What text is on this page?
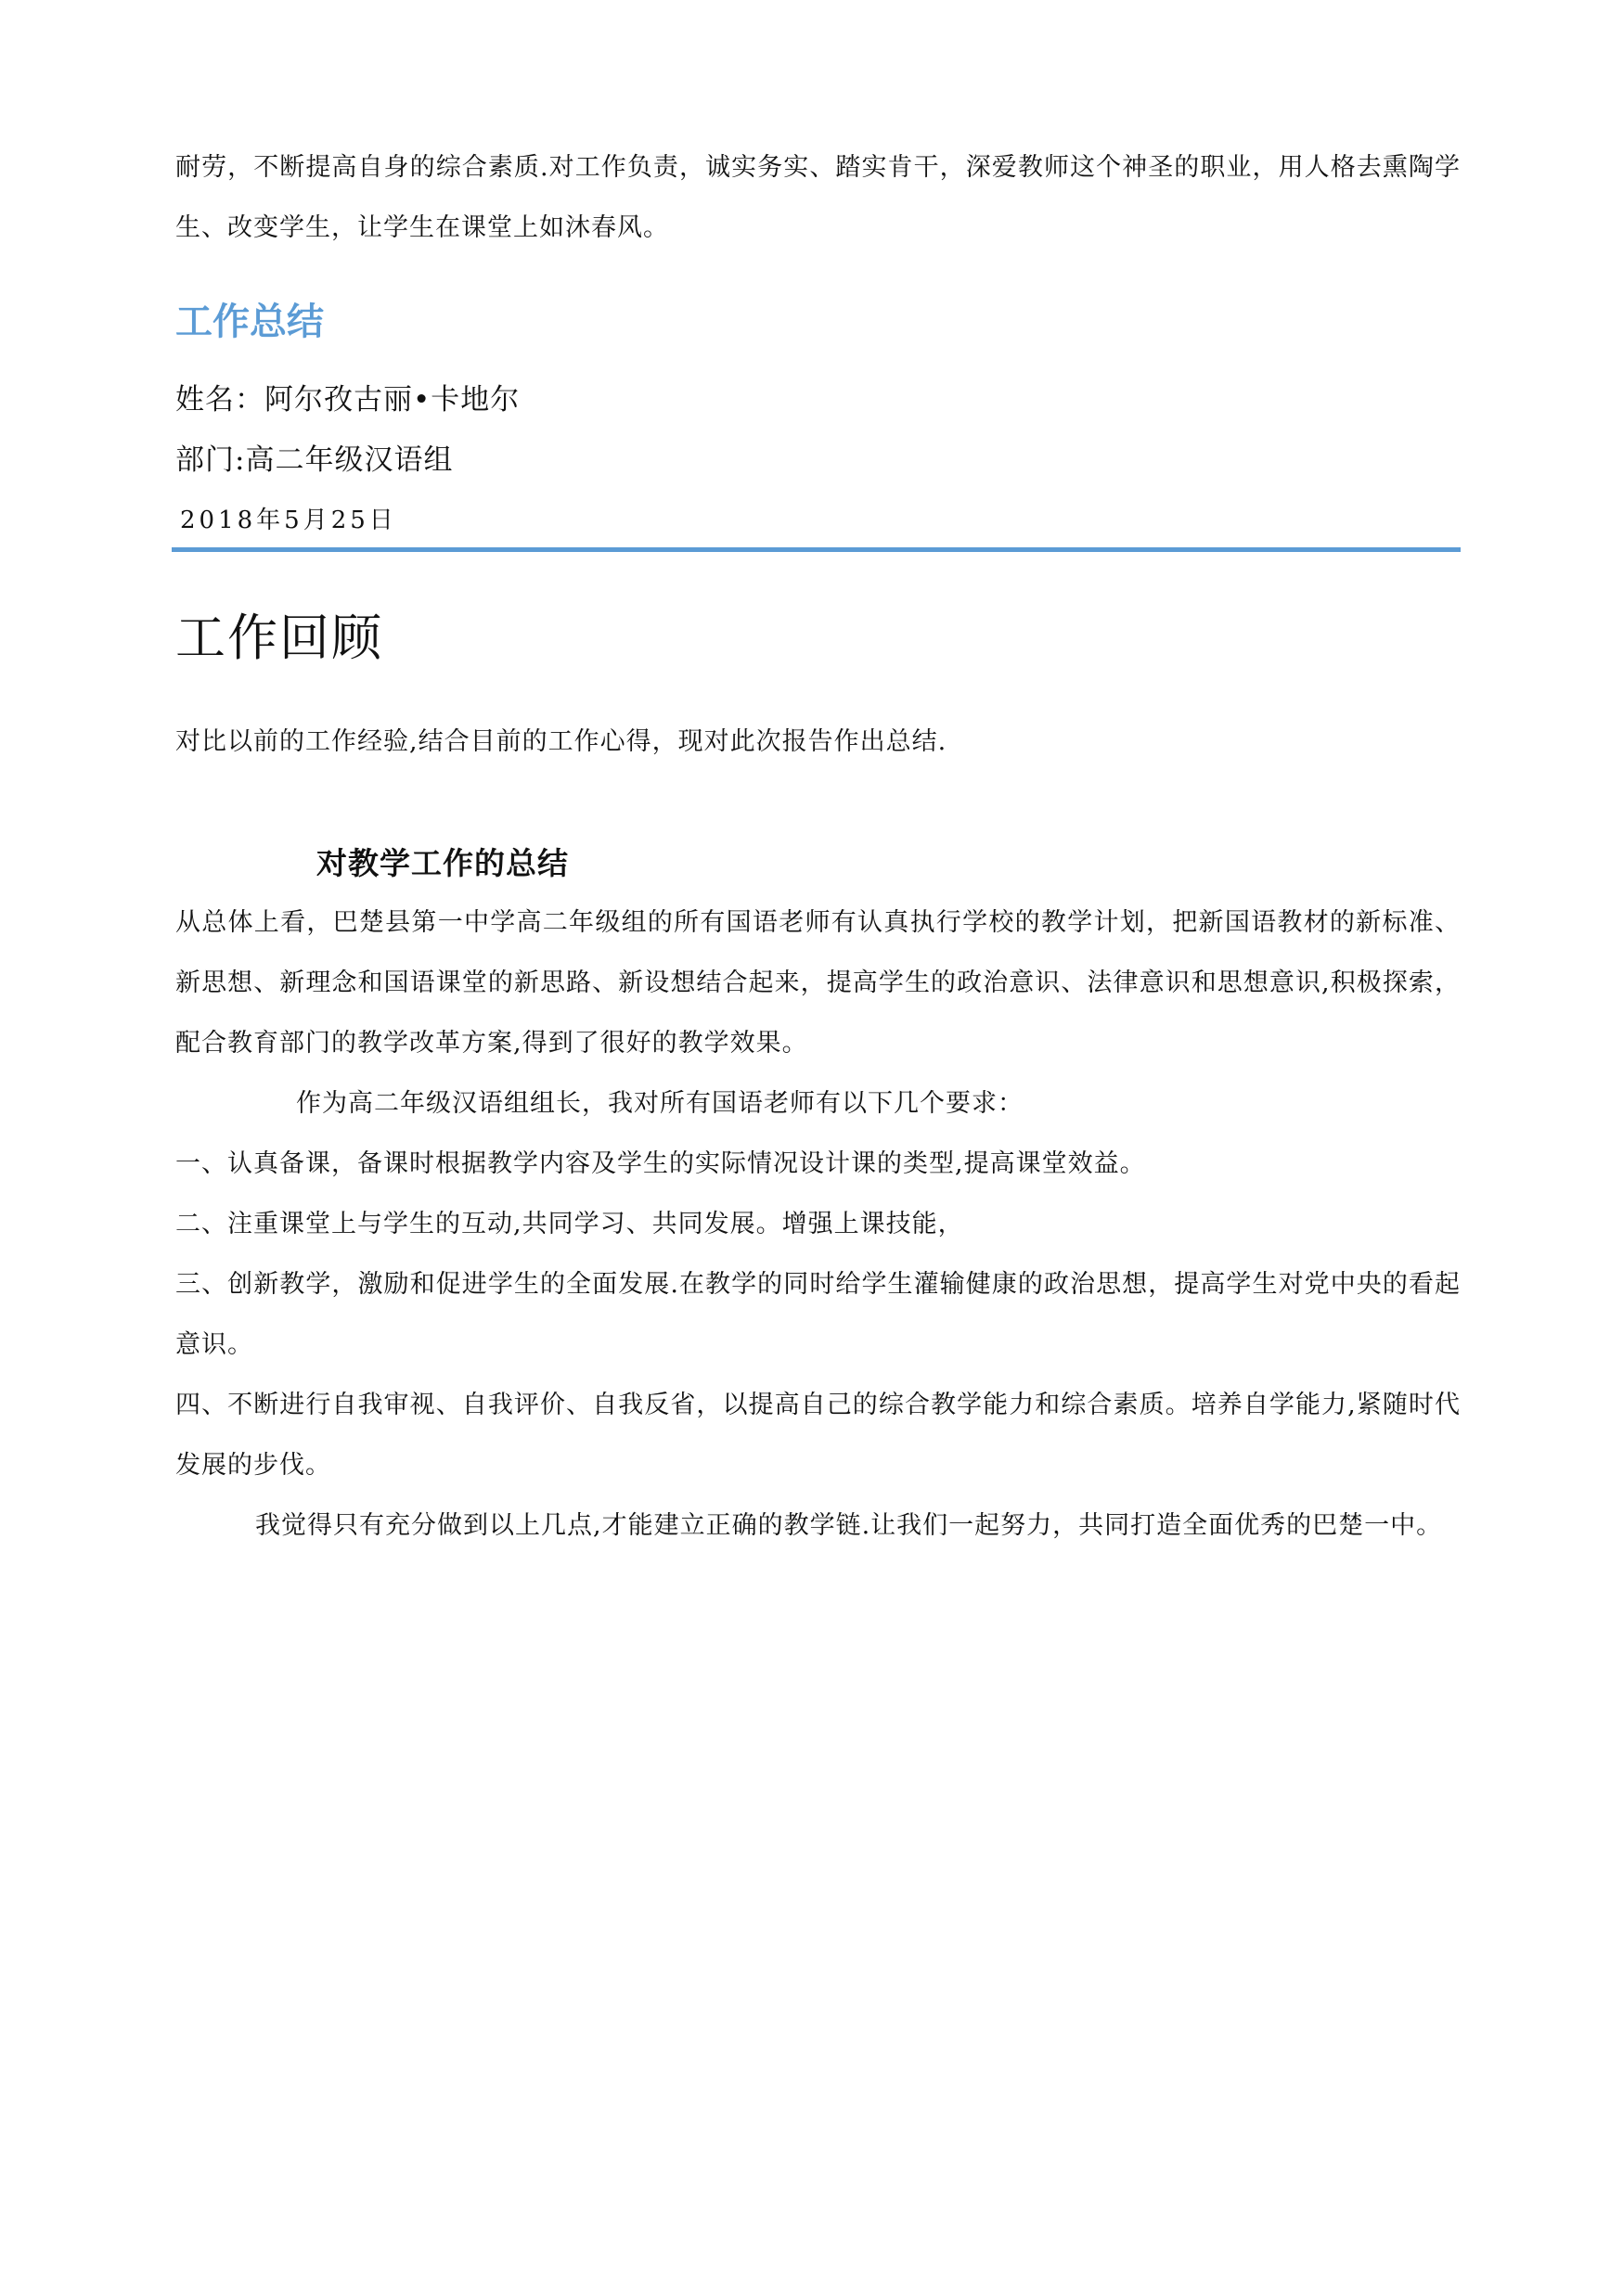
耐劳，不断提高自身的综合素质.对工作负责，诚实务实、踏实肯干，深爱教师这个神圣的职业，用人格去熏陶学生、改变学生，让学生在课堂上如沐春风。

工作总结

姓名：阿尔孜古丽•卡地尔

部门:高二年级汉语组

2018年5月25日

工作回顾

对比以前的工作经验,结合目前的工作心得，现对此次报告作出总结.

对教学工作的总结

从总体上看，巴楚县第一中学高二年级组的所有国语老师有认真执行学校的教学计划，把新国语教材的新标准、新思想、新理念和国语课堂的新思路、新设想结合起来，提高学生的政治意识、法律意识和思想意识,积极探索，配合教育部门的教学改革方案,得到了很好的教学效果。

作为高二年级汉语组组长，我对所有国语老师有以下几个要求：

一、认真备课，备课时根据教学内容及学生的实际情况设计课的类型,提高课堂效益。

二、注重课堂上与学生的互动,共同学习、共同发展。增强上课技能，

三、创新教学，激励和促进学生的全面发展.在教学的同时给学生灌输健康的政治思想，提高学生对党中央的看起意识。

四、不断进行自我审视、自我评价、自我反省，以提高自己的综合教学能力和综合素质。培养自学能力,紧随时代发展的步伐。

我觉得只有充分做到以上几点,才能建立正确的教学链.让我们一起努力，共同打造全面优秀的巴楚一中。
